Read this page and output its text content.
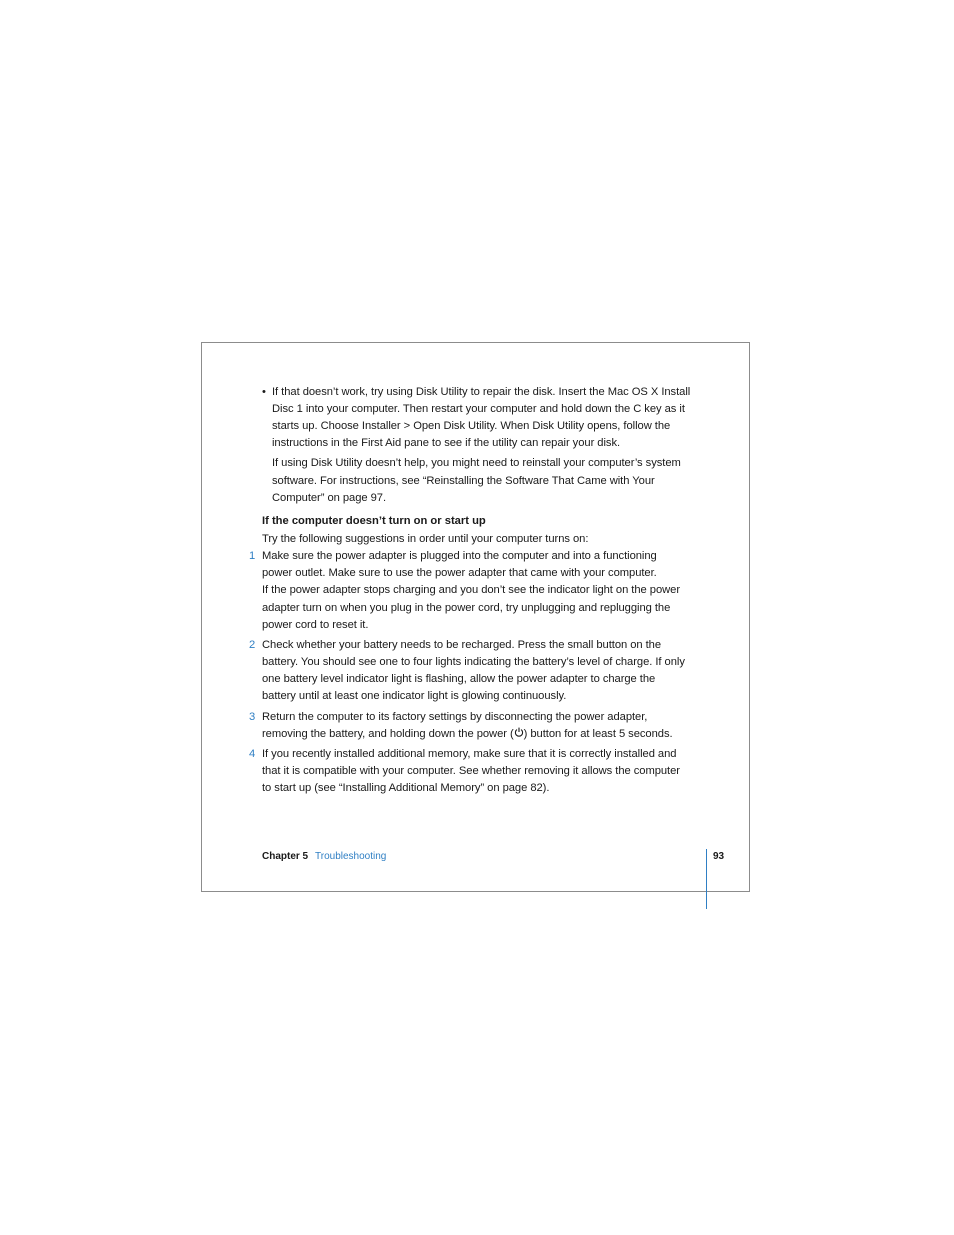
• If that doesn’t work, try using Disk Utility to repair the disk. Insert the Mac OS X Install
Disc 1 into your computer. Then restart your computer and hold down the C key as it
starts up. Choose Installer > Open Disk Utility. When Disk Utility opens, follow the
instructions in the First Aid pane to see if the utility can repair your disk.
If using Disk Utility doesn’t help, you might need to reinstall your computer’s system
software. For instructions, see “Reinstalling the Software That Came with Your
Computer” on page 97.
If the computer doesn’t turn on or start up
Try the following suggestions in order until your computer turns on:
1 Make sure the power adapter is plugged into the computer and into a functioning
power outlet. Make sure to use the power adapter that came with your computer.
If the power adapter stops charging and you don’t see the indicator light on the power
adapter turn on when you plug in the power cord, try unplugging and replugging the
power cord to reset it.
2 Check whether your battery needs to be recharged. Press the small button on the
battery. You should see one to four lights indicating the battery’s level of charge. If only
one battery level indicator light is flashing, allow the power adapter to charge the
battery until at least one indicator light is glowing continuously.
3 Return the computer to its factory settings by disconnecting the power adapter,
removing the battery, and holding down the power ( ) button for at least 5 seconds.
4 If you recently installed additional memory, make sure that it is correctly installed and
that it is compatible with your computer. See whether removing it allows the computer
to start up (see “Installing Additional Memory” on page 82).
Chapter 5 Troubleshooting	93
